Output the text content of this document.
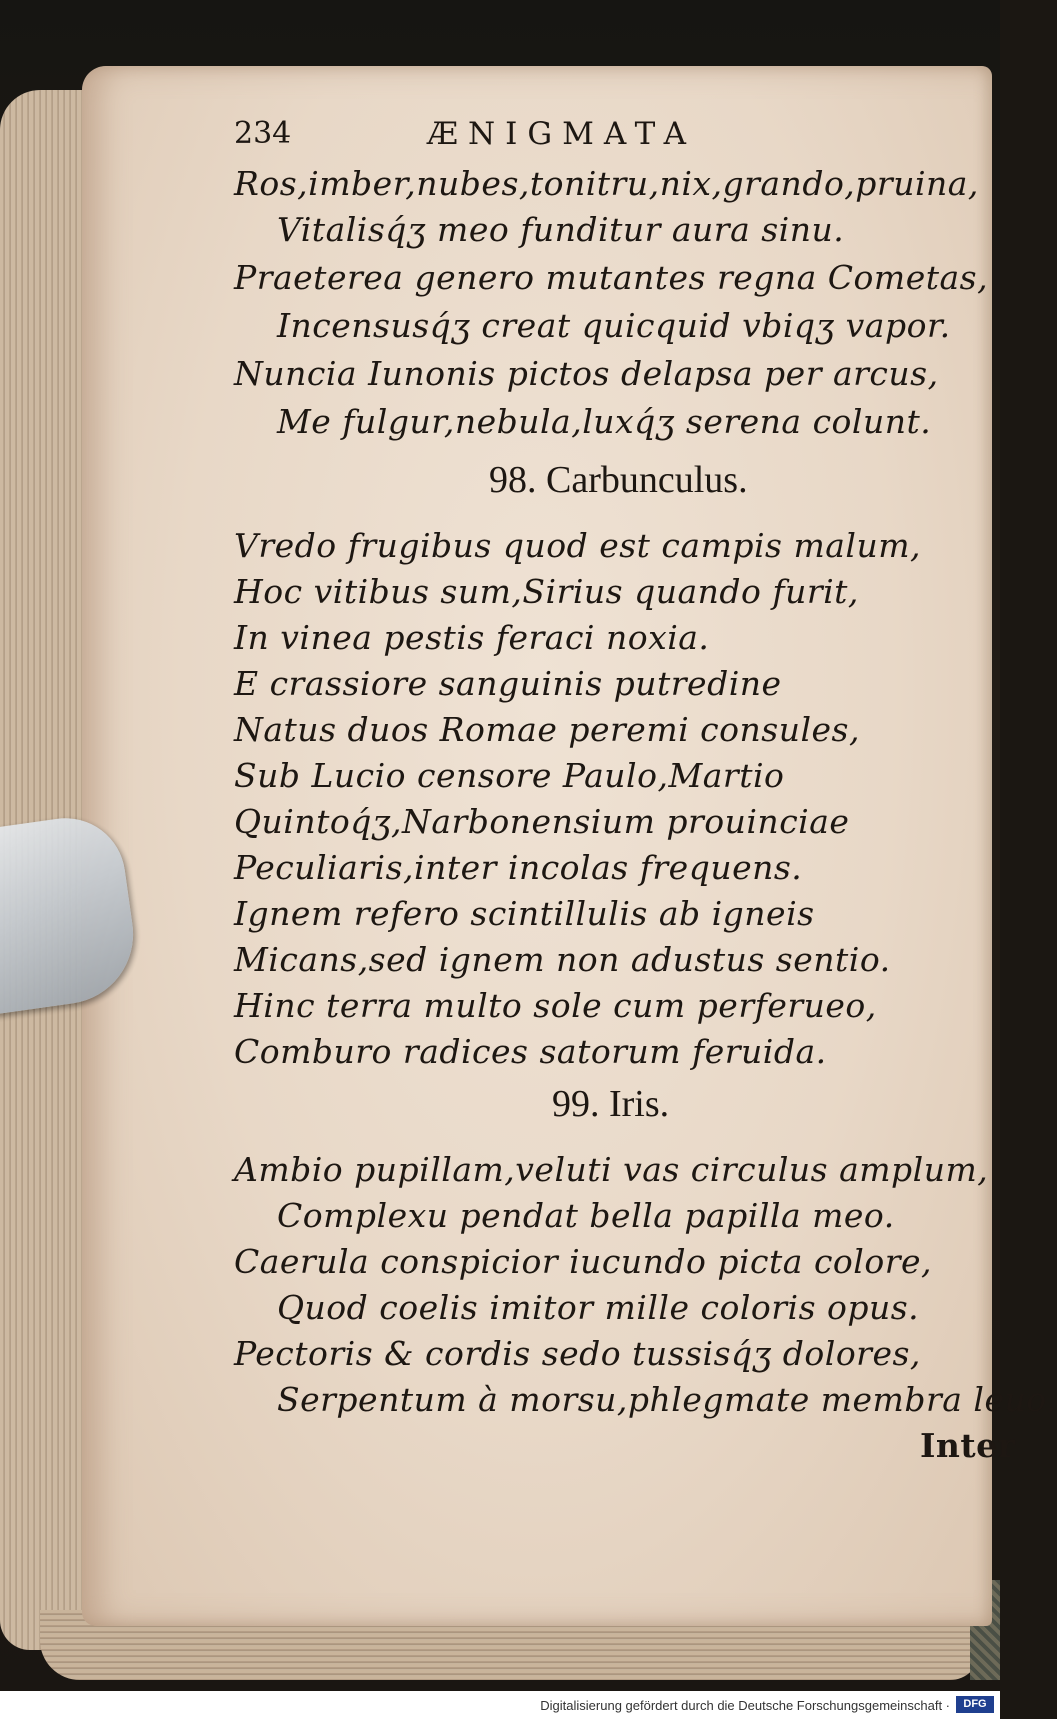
234	ÆNIGMATA
Ros,imber,nubes,tonitru,nix,grando,pruina,
Vitalisq́ʒ meo funditur aura sinu.
Praeterea genero mutantes regna Cometas,
Incensusq́ʒ creat quicquid vbiqʒ vapor.
Nuncia Iunonis pictos delapsa per arcus,
Me fulgur,nebula,luxq́ʒ serena colunt.
98. Carbunculus.
Vredo frugibus quod est campis malum,
Hoc vitibus sum,Sirius quando furit,
In vinea pestis feraci noxia.
E crassiore sanguinis putredine
Natus duos Romae peremi consules,
Sub Lucio censore Paulo,Martio
Quintoq́ʒ,Narbonensium prouinciae
Peculiaris,inter incolas frequens.
Ignem refero scintillulis ab igneis
Micans,sed ignem non adustus sentio.
Hinc terra multo sole cum perferueo,
Comburo radices satorum feruida.
99. Iris.
Ambio pupillam,veluti vas circulus amplum,
Complexu pendat bella papilla meo.
Caerula conspicior iucundo picta colore,
Quod coelis imitor mille coloris opus.
Pectoris & cordis sedo tussisq́ʒ dolores,
Serpentum à morsu,phlegmate membra leuo.
Inter
Digitalisierung gefördert durch die Deutsche Forschungsgemeinschaft ·	DFG
